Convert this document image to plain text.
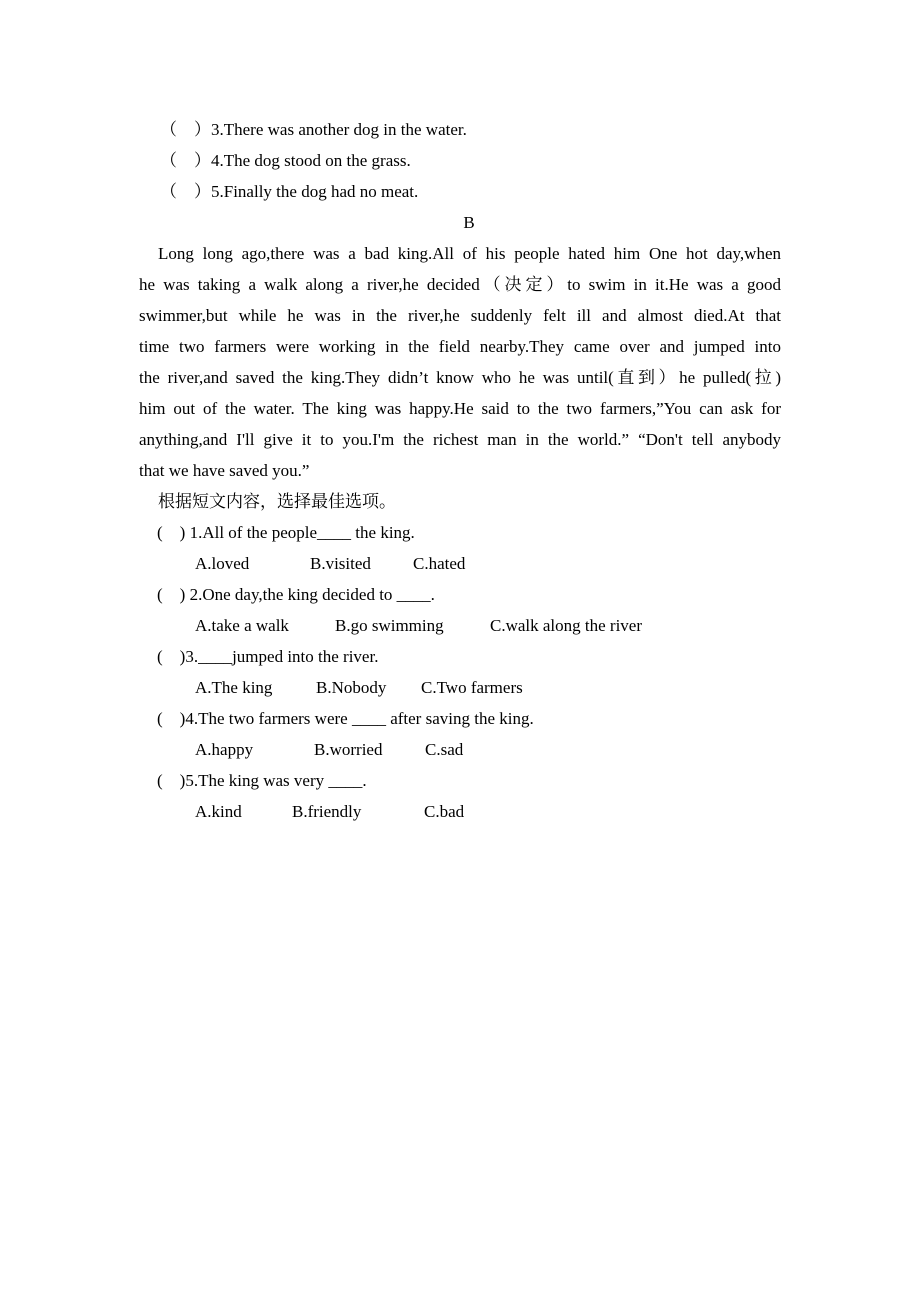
（　）3.There was another dog in the water.
（　）4.The dog stood on the grass.
（　）5.Finally the dog had no meat.
B
Long long ago,there was a bad king.All of his people hated him One hot day,when
he was taking a walk along a river,he decided（决定）to swim in it.He was a good
swimmer,but while he was in the river,he suddenly felt ill and almost died.At that
time two farmers were working in the field nearby.They came over and jumped into
the river,and saved the king.They didn’t know who he was until(直到）he pulled(拉)
him out of the water. The king was happy.He said to the two farmers,”You can ask for
anything,and I'll give it to you.I'm the richest man in the world.” “Don't tell anybody
that we have saved you.”
根据短文内容，选择最佳选项。
(　) 1.All of the people____ the king.
A.loved	B.visited C.hated
(　) 2.One day,the king decided to ____.
A.take a walk	B.go swimming	C.walk along the river
(　)3.____jumped into the river.
A.The king	B.Nobody C.Two farmers
(　)4.The two farmers were ____ after saving the king.
A.happy	B.worried	C.sad
(　)5.The king was very ____.
A.kind	B.friendly	C.bad
